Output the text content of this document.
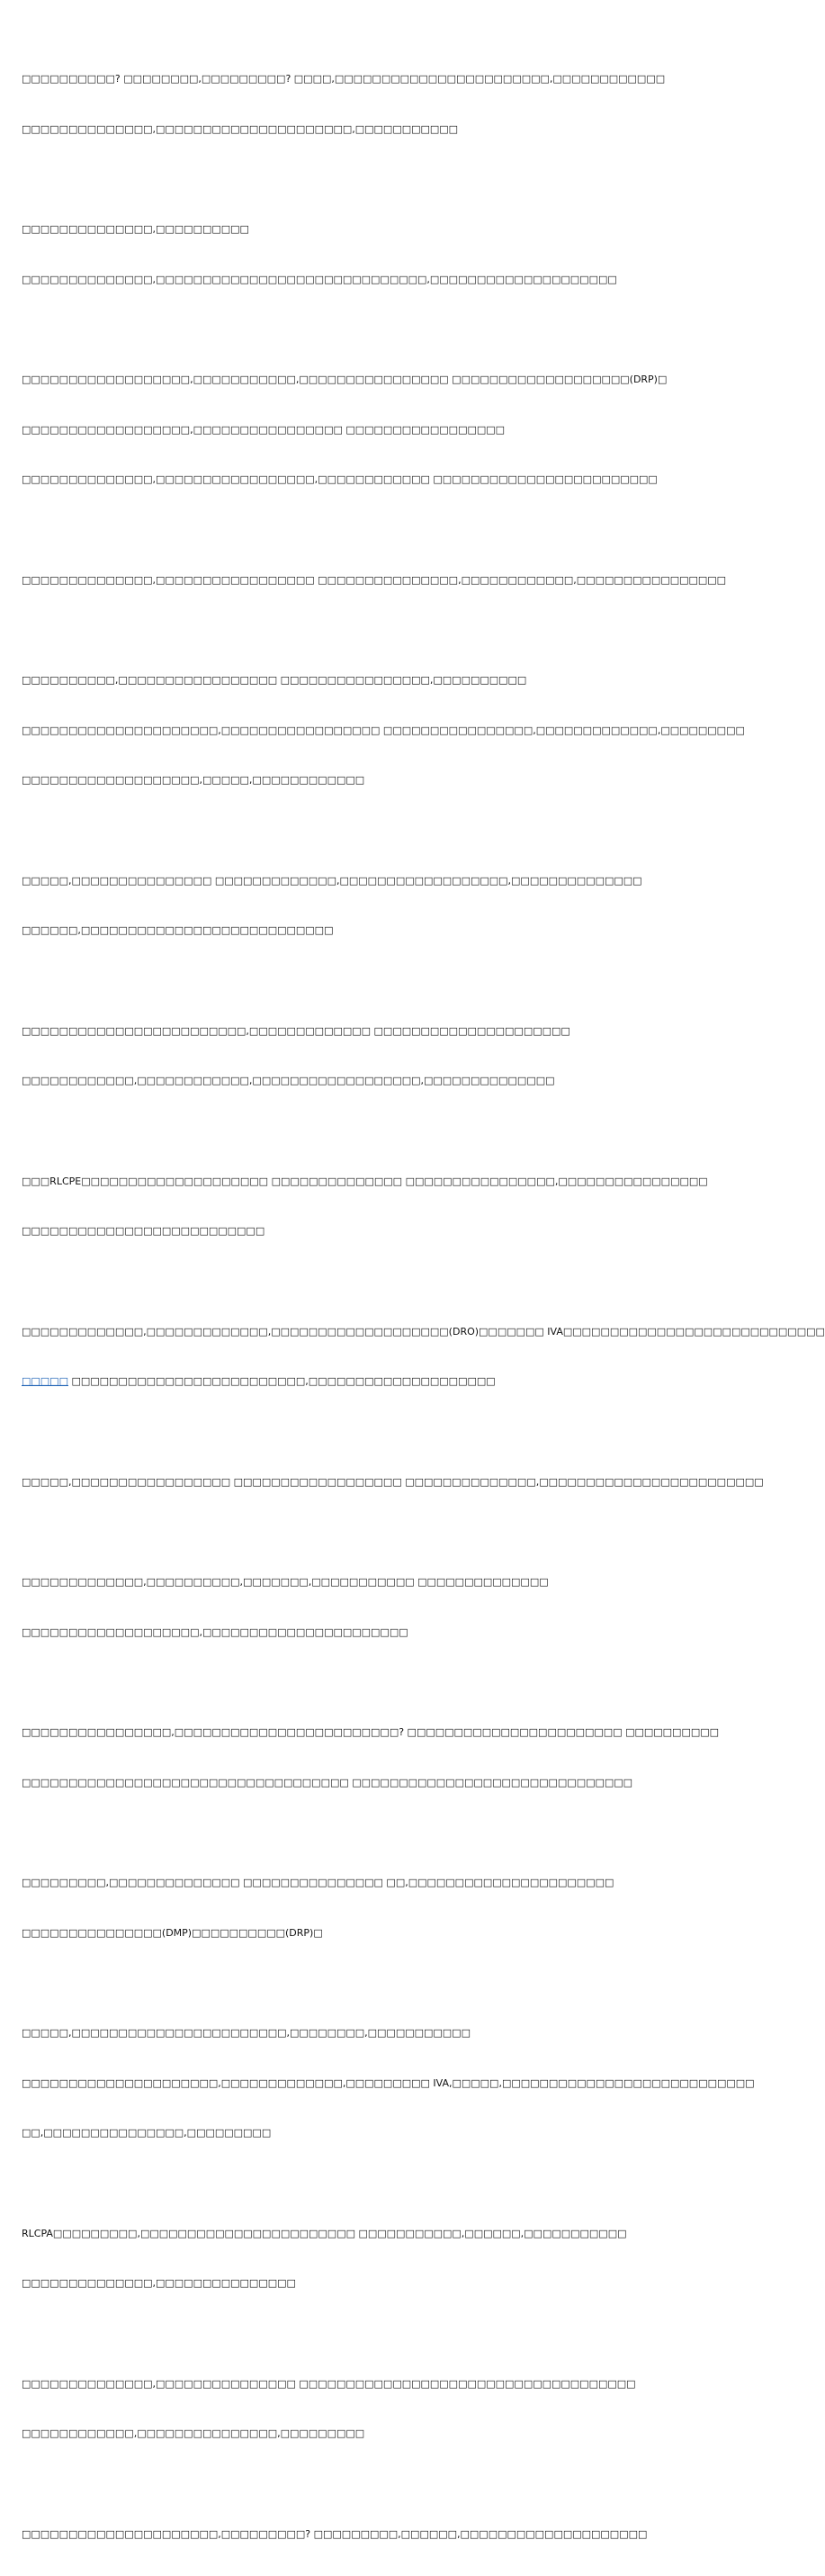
□□□□□□□□□□? □□□□□□□□,□□□□□□□□□? □□□□,□□□□□□□□□□□□□□□□□□□□□□□,□□□□□□□□□□□□

□□□□□□□□□□□□□□,□□□□□□□□□□□□□□□□□□□□□,□□□□□□□□□□□

□□□□□□□□□□□□□□,□□□□□□□□□□

□□□□□□□□□□□□□□,□□□□□□□□□□□□□□□□□□□□□□□□□□□□□,□□□□□□□□□□□□□□□□□□□□

□□□□□□□□□□□□□□□□□□,□□□□□□□□□□□,□□□□□□□□□□□□□□□□ □□□□□□□□□□□□□□□□□□□(DRP)□

□□□□□□□□□□□□□□□□□□,□□□□□□□□□□□□□□□□ □□□□□□□□□□□□□□□□□

□□□□□□□□□□□□□□,□□□□□□□□□□□□□□□□□,□□□□□□□□□□□□ □□□□□□□□□□□□□□□□□□□□□□□□

□□□□□□□□□□□□□□,□□□□□□□□□□□□□□□□□ □□□□□□□□□□□□□□□,□□□□□□□□□□□□,□□□□□□□□□□□□□□□□

□□□□□□□□□□,□□□□□□□□□□□□□□□□□ □□□□□□□□□□□□□□□□,□□□□□□□□□□

□□□□□□□□□□□□□□□□□□□□□,□□□□□□□□□□□□□□□□□ □□□□□□□□□□□□□□□□,□□□□□□□□□□□□□,□□□□□□□□□

□□□□□□□□□□□□□□□□□□□,□□□□□,□□□□□□□□□□□□

□□□□□,□□□□□□□□□□□□□□□ □□□□□□□□□□□□□,□□□□□□□□□□□□□□□□□□,□□□□□□□□□□□□□□

□□□□□□,□□□□□□□□□□□□□□□□□□□□□□□□□□□

□□□□□□□□□□□□□□□□□□□□□□□□,□□□□□□□□□□□□□ □□□□□□□□□□□□□□□□□□□□□

□□□□□□□□□□□□,□□□□□□□□□□□□,□□□□□□□□□□□□□□□□□□,□□□□□□□□□□□□□□

□□□RLCPE□□□□□□□□□□□□□□□□□□□□ □□□□□□□□□□□□□□ □□□□□□□□□□□□□□□□,□□□□□□□□□□□□□□□□

□□□□□□□□□□□□□□□□□□□□□□□□□□

□□□□□□□□□□□□□,□□□□□□□□□□□□□,□□□□□□□□□□□□□□□□□□□(DRO)□□□□□□□ IVA□□□□□□□□□□□□□□□□□□□□□□□□□□□□

□□□□□ □□□□□□□□□□□□□□□□□□□□□□□□□,□□□□□□□□□□□□□□□□□□□□

□□□□□,□□□□□□□□□□□□□□□□□ □□□□□□□□□□□□□□□□□□ □□□□□□□□□□□□□□,□□□□□□□□□□□□□□□□□□□□□□□□

□□□□□□□□□□□□□,□□□□□□□□□□,□□□□□□□,□□□□□□□□□□□ □□□□□□□□□□□□□□

□□□□□□□□□□□□□□□□□□□,□□□□□□□□□□□□□□□□□□□□□□

□□□□□□□□□□□□□□□□,□□□□□□□□□□□□□□□□□□□□□□□□? □□□□□□□□□□□□□□□□□□□□□□□ □□□□□□□□□□

□□□□□□□□□□□□□□□□□□□□□□□□□□□□□□□□□□□ □□□□□□□□□□□□□□□□□□□□□□□□□□□□□□

□□□□□□□□□,□□□□□□□□□□□□□□ □□□□□□□□□□□□□□□ □□,□□□□□□□□□□□□□□□□□□□□□□

□□□□□□□□□□□□□□□(DMP)□□□□□□□□□□(DRP)□

□□□□□,□□□□□□□□□□□□□□□□□□□□□□□,□□□□□□□□,□□□□□□□□□□□

□□□□□□□□□□□□□□□□□□□□□,□□□□□□□□□□□□□,□□□□□□□□□ IVA,□□□□□,□□□□□□□□□□□□□□□□□□□□□□□□□□□

□□,□□□□□□□□□□□□□□□,□□□□□□□□□

RLCPA□□□□□□□□□,□□□□□□□□□□□□□□□□□□□□□□□ □□□□□□□□□□□,□□□□□□,□□□□□□□□□□□

□□□□□□□□□□□□□□,□□□□□□□□□□□□□□□

□□□□□□□□□□□□□□,□□□□□□□□□□□□□□□ □□□□□□□□□□□□□□□□□□□□□□□□□□□□□□□□□□□□

□□□□□□□□□□□□,□□□□□□□□□□□□□□□,□□□□□□□□□

□□□□□□□□□□□□□□□□□□□□□,□□□□□□□□□? □□□□□□□□□,□□□□□□,□□□□□□□□□□□□□□□□□□□□
